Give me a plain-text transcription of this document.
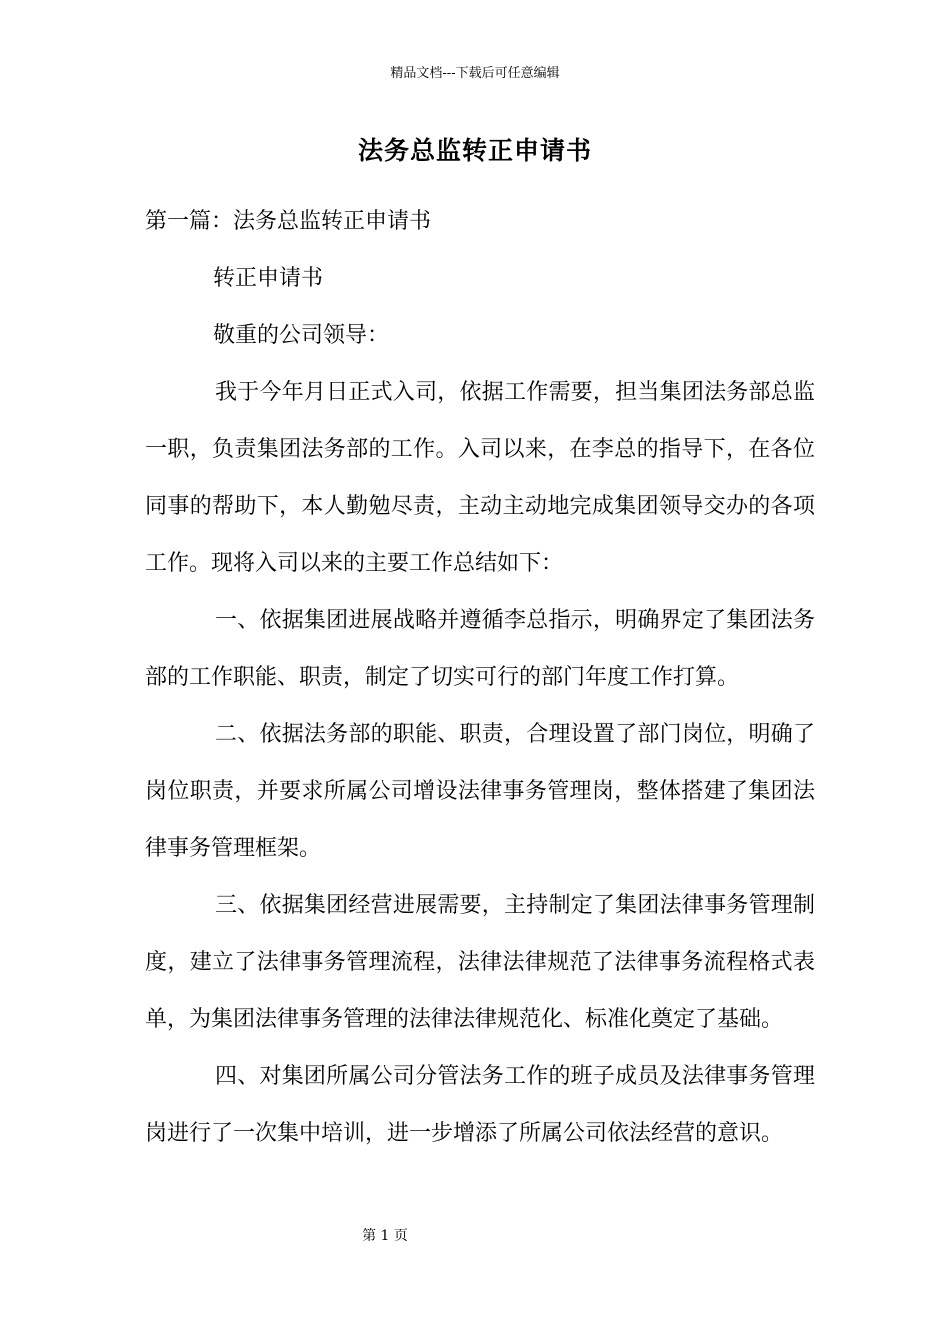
精品文档---下载后可任意编辑
法务总监转正申请书

第一篇：法务总监转正申请书

转正申请书

敬重的公司领导：

我于今年月日正式入司，依据工作需要，担当集团法务部总监一职，负责集团法务部的工作。入司以来，在李总的指导下，在各位同事的帮助下，本人勤勉尽责，主动主动地完成集团领导交办的各项工作。现将入司以来的主要工作总结如下：

一、依据集团进展战略并遵循李总指示，明确界定了集团法务部的工作职能、职责，制定了切实可行的部门年度工作打算。

二、依据法务部的职能、职责，合理设置了部门岗位，明确了岗位职责，并要求所属公司增设法律事务管理岗，整体搭建了集团法律事务管理框架。

三、依据集团经营进展需要，主持制定了集团法律事务管理制度，建立了法律事务管理流程，法律法律规范了法律事务流程格式表单，为集团法律事务管理的法律法律规范化、标准化奠定了基础。

四、对集团所属公司分管法务工作的班子成员及法律事务管理岗进行了一次集中培训，进一步增添了所属公司依法经营的意识。

第 1 页
